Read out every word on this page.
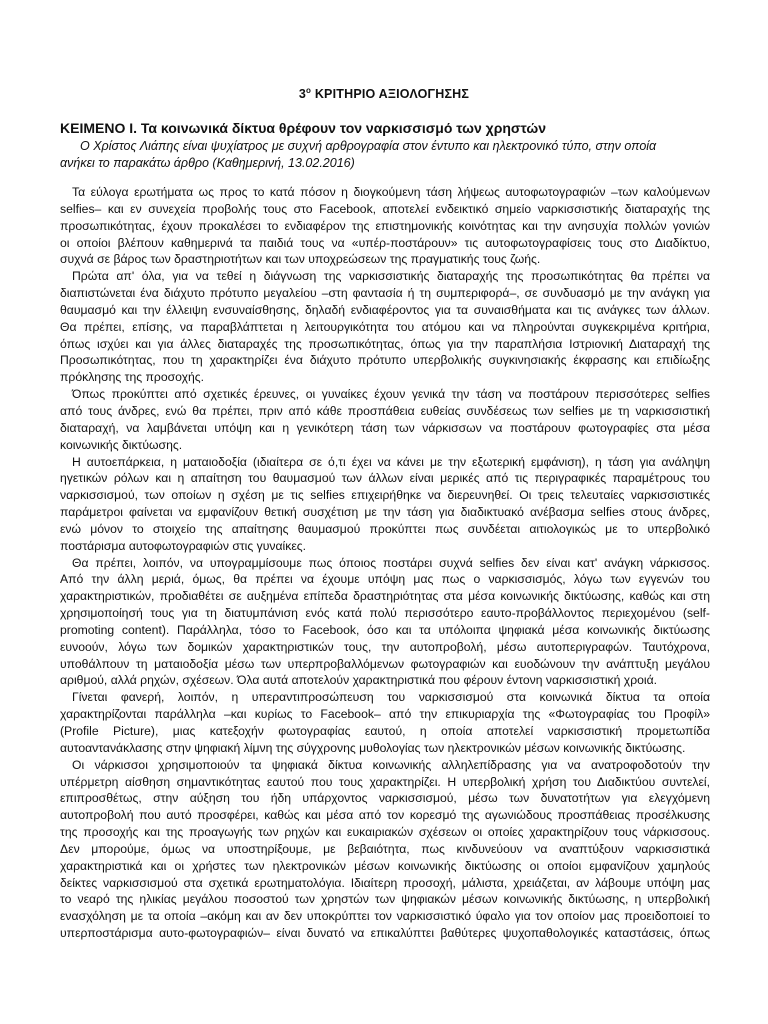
$3^o$ ΚΡΙΤΗΡΙΟ ΑΞΙΟΛΟΓΗΣΗΣ
ΚΕΙΜΕΝΟ Ι. Τα κοινωνικά δίκτυα θρέφουν τον ναρκισσισμό των χρηστών
Ο Χρίστος Λιάπης είναι ψυχίατρος με συχνή αρθρογραφία στον έντυπο και ηλεκτρονικό τύπο, στην οποία
ανήκει το παρακάτω άρθρο (Καθημερινή, 13.02.2016)
Τα εύλογα ερωτήματα ως προς το κατά πόσον η διογκούμενη τάση λήψεως αυτοφωτογραφιών –των καλούμενων
selfies– και εν συνεχεία προβολής τους στο Facebook, αποτελεί ενδεικτικό σημείο ναρκισσιστικής διαταραχής της
προσωπικότητας, έχουν προκαλέσει το ενδιαφέρον της επιστημονικής κοινότητας και την ανησυχία πολλών γονιών
οι οποίοι βλέπουν καθημερινά τα παιδιά τους να «υπέρ-ποστάρουν» τις αυτοφωτογραφίσεις τους στο Διαδίκτυο,
συχνά σε βάρος των δραστηριοτήτων και των υποχρεώσεων της πραγματικής τους ζωής.
Πρώτα απ' όλα, για να τεθεί η διάγνωση της ναρκισσιστικής διαταραχής της προσωπικότητας θα πρέπει να
διαπιστώνεται ένα διάχυτο πρότυπο μεγαλείου –στη φαντασία ή τη συμπεριφορά–, σε συνδυασμό με την ανάγκη για
θαυμασμό και την έλλειψη ενσυναίσθησης, δηλαδή ενδιαφέροντος για τα συναισθήματα και τις ανάγκες των άλλων.
Θα πρέπει, επίσης, να παραβλάπτεται η λειτουργικότητα του ατόμου και να πληρούνται συγκεκριμένα κριτήρια,
όπως ισχύει και για άλλες διαταραχές της προσωπικότητας, όπως για την παραπλήσια Ιστριονική Διαταραχή της
Προσωπικότητας, που τη χαρακτηρίζει ένα διάχυτο πρότυπο υπερβολικής συγκινησιακής έκφρασης και επιδίωξης
πρόκλησης της προσοχής.
Όπως προκύπτει από σχετικές έρευνες, οι γυναίκες έχουν γενικά την τάση να ποστάρουν περισσότερες selfies
από τους άνδρες, ενώ θα πρέπει, πριν από κάθε προσπάθεια ευθείας συνδέσεως των selfies με τη ναρκισσιστική
διαταραχή, να λαμβάνεται υπόψη και η γενικότερη τάση των νάρκισσων να ποστάρουν φωτογραφίες στα μέσα
κοινωνικής δικτύωσης.
Η αυτοεπάρκεια, η ματαιοδοξία (ιδιαίτερα σε ό,τι έχει να κάνει με την εξωτερική εμφάνιση), η τάση για ανάληψη
ηγετικών ρόλων και η απαίτηση του θαυμασμού των άλλων είναι μερικές από τις περιγραφικές παραμέτρους του
ναρκισσισμού, των οποίων η σχέση με τις selfies επιχειρήθηκε να διερευνηθεί. Οι τρεις τελευταίες ναρκισσιστικές
παράμετροι φαίνεται να εμφανίζουν θετική συσχέτιση με την τάση για διαδικτυακό ανέβασμα selfies στους άνδρες,
ενώ μόνον το στοιχείο της απαίτησης θαυμασμού προκύπτει πως συνδέεται αιτιολογικώς με το υπερβολικό
ποστάρισμα αυτοφωτογραφιών στις γυναίκες.
Θα πρέπει, λοιπόν, να υπογραμμίσουμε πως όποιος ποστάρει συχνά selfies δεν είναι κατ' ανάγκη νάρκισσος.
Από την άλλη μεριά, όμως, θα πρέπει να έχουμε υπόψη μας πως ο ναρκισσισμός, λόγω των εγγενών του
χαρακτηριστικών, προδιαθέτει σε αυξημένα επίπεδα δραστηριότητας στα μέσα κοινωνικής δικτύωσης, καθώς και στη
χρησιμοποίησή τους για τη διατυμπάνιση ενός κατά πολύ περισσότερο εαυτο-προβάλλοντος περιεχομένου (self-
promoting content). Παράλληλα, τόσο το Facebook, όσο και τα υπόλοιπα ψηφιακά μέσα κοινωνικής δικτύωσης
ευνοούν, λόγω των δομικών χαρακτηριστικών τους, την αυτοπροβολή, μέσω αυτοπεριγραφών. Ταυτόχρονα,
υποθάλπουν τη ματαιοδοξία μέσω των υπερπροβαλλόμενων φωτογραφιών και ευοδώνουν την ανάπτυξη μεγάλου
αριθμού, αλλά ρηχών, σχέσεων. Όλα αυτά αποτελούν χαρακτηριστικά που φέρουν έντονη ναρκισσιστική χροιά.
Γίνεται φανερή, λοιπόν, η υπεραντιπροσώπευση του ναρκισσισμού στα κοινωνικά δίκτυα τα οποία
χαρακτηρίζονται παράλληλα –και κυρίως το Facebook– από την επικυριαρχία της «Φωτογραφίας του Προφίλ»
(Profile Picture), μιας κατεξοχήν φωτογραφίας εαυτού, η οποία αποτελεί ναρκισσιστική προμετωπίδα
αυτοαντανάκλασης στην ψηφιακή λίμνη της σύγχρονης μυθολογίας των ηλεκτρονικών μέσων κοινωνικής δικτύωσης.
Οι νάρκισσοι χρησιμοποιούν τα ψηφιακά δίκτυα κοινωνικής αλληλεπίδρασης για να ανατροφοδοτούν την
υπέρμετρη αίσθηση σημαντικότητας εαυτού που τους χαρακτηρίζει. Η υπερβολική χρήση του Διαδικτύου συντελεί,
επιπροσθέτως, στην αύξηση του ήδη υπάρχοντος ναρκισσισμού, μέσω των δυνατοτήτων για ελεγχόμενη
αυτοπροβολή που αυτό προσφέρει, καθώς και μέσα από τον κορεσμό της αγωνιώδους προσπάθειας προσέλκυσης
της προσοχής και της προαγωγής των ρηχών και ευκαιριακών σχέσεων οι οποίες χαρακτηρίζουν τους νάρκισσους.
Δεν μπορούμε, όμως να υποστηρίξουμε, με βεβαιότητα, πως κινδυνεύουν να αναπτύξουν ναρκισσιστικά
χαρακτηριστικά και οι χρήστες των ηλεκτρονικών μέσων κοινωνικής δικτύωσης οι οποίοι εμφανίζουν χαμηλούς
δείκτες ναρκισσισμού στα σχετικά ερωτηματολόγια. Ιδιαίτερη προσοχή, μάλιστα, χρειάζεται, αν λάβουμε υπόψη μας
το νεαρό της ηλικίας μεγάλου ποσοστού των χρηστών των ψηφιακών μέσων κοινωνικής δικτύωσης, η υπερβολική
ενασχόληση με τα οποία –ακόμη και αν δεν υποκρύπτει τον ναρκισσιστικό ύφαλο για τον οποίον μας προειδοποιεί το
υπερποστάρισμα αυτο-φωτογραφιών– είναι δυνατό να επικαλύπτει βαθύτερες ψυχοπαθολογικές καταστάσεις, όπως
